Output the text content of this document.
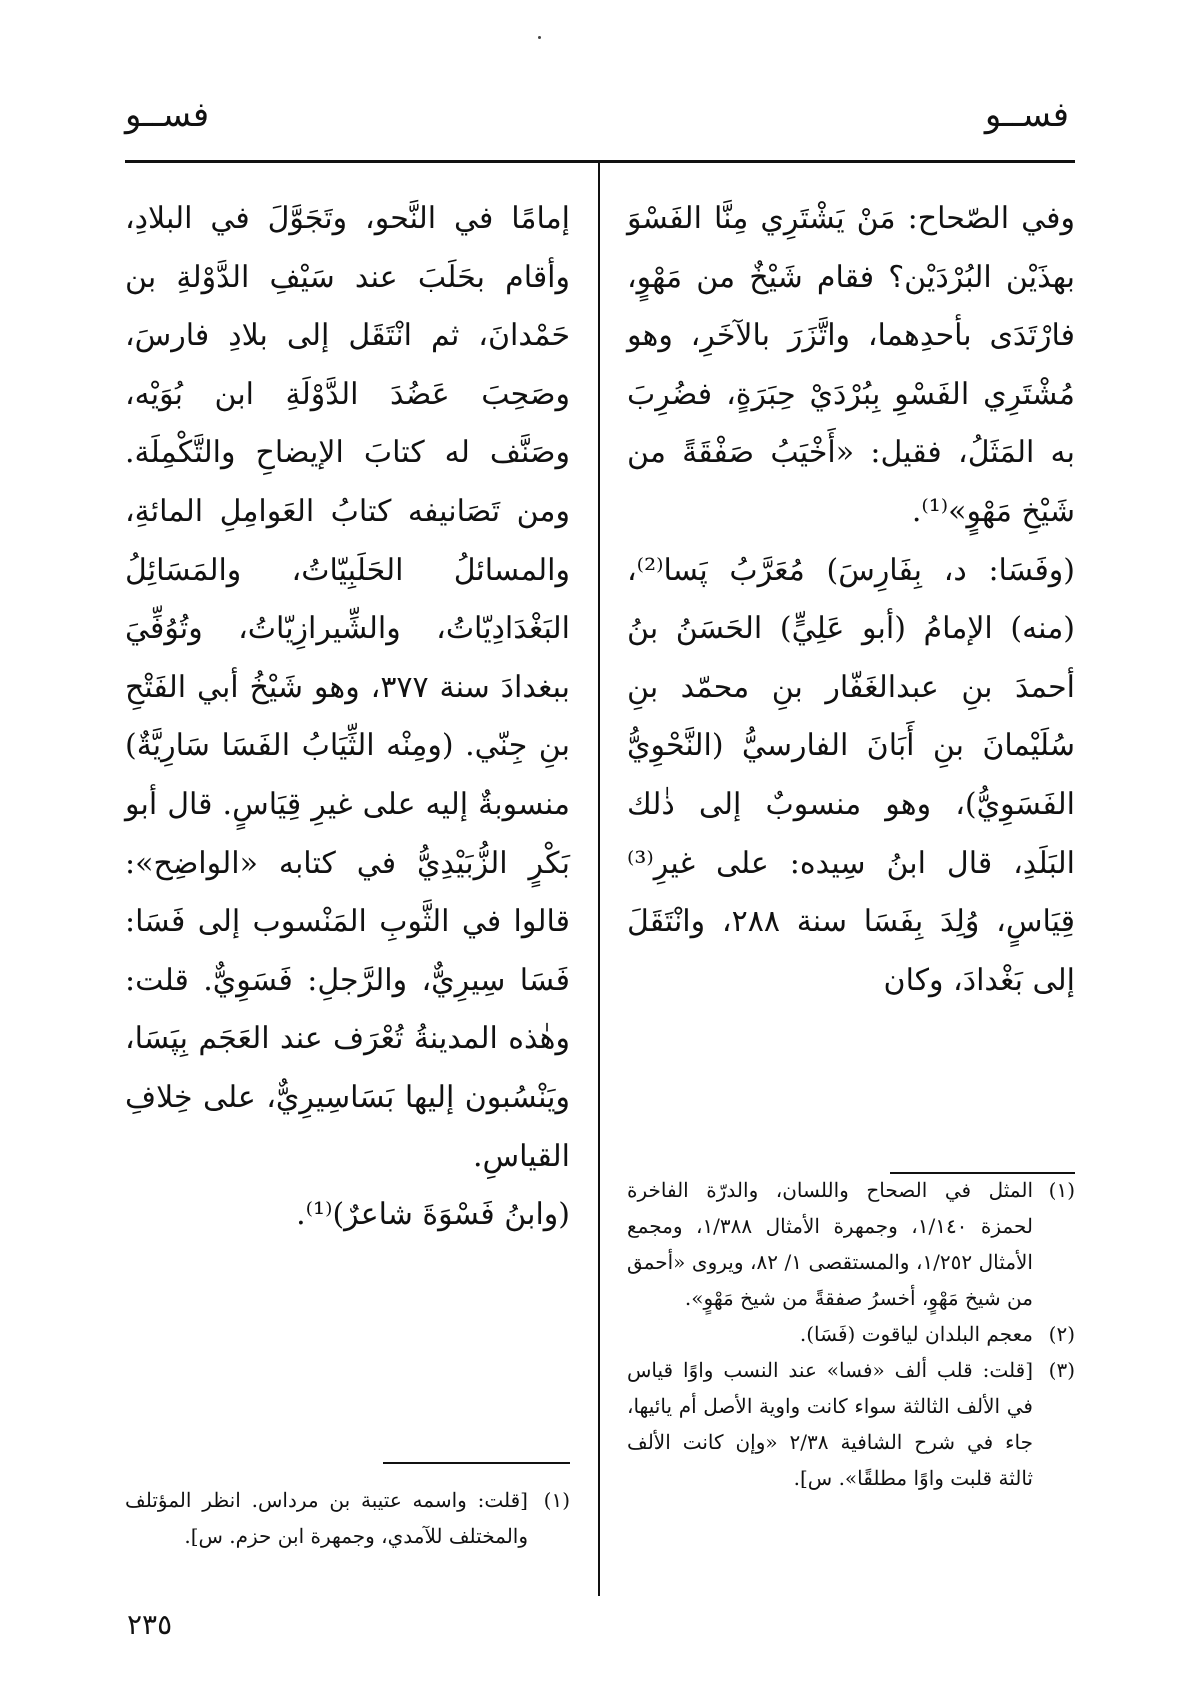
فســو
فســو

وفي الصّحاح: مَنْ يَشْتَرِي مِنَّا الفَسْوَ بهذَيْن البُرْدَيْن؟ فقام شَيْخٌ من مَهْوٍ، فارْتَدَى بأحدِهما، واتَّزَرَ بالآخَرِ، وهو مُشْتَرِي الفَسْوِ بِبُرْدَيْ حِبَرَةٍ، فضُرِبَ به المَثَلُ، فقيل: «أَخْيَبُ صَفْقَةً من شَيْخِ مَهْوٍ»⁽¹⁾.

(وفَسَا: د، بِفَارِسَ) مُعَرَّبُ پَسا⁽²⁾، (منه) الإمامُ (أبو عَلِيٍّ) الحَسَنُ بنُ أحمدَ بنِ عبدالغَفّار بنِ محمّد بنِ سُلَيْمانَ بنِ أَبَانَ الفارسيُّ (النَّحْوِيُّ الفَسَوِيُّ)، وهو منسوبٌ إلى ذٰلك البَلَدِ، قال ابنُ سِيده: على غيرِ⁽³⁾ قِيَاسٍ، وُلِدَ بِفَسَا سنة ٢٨٨، وانْتَقَلَ إلى بَغْدادَ، وكان

إمامًا في النَّحو، وتَجَوَّلَ في البلادِ، وأقام بحَلَبَ عند سَيْفِ الدَّوْلةِ بن حَمْدانَ، ثم انْتَقَل إلى بلادِ فارسَ، وصَحِبَ عَضُدَ الدَّوْلَةِ ابن بُوَيْه، وصَنَّف له كتابَ الإيضاحِ والتَّكْمِلَة. ومن تَصَانيفه كتابُ العَوامِلِ المائةِ، والمسائلُ الحَلَبِيّاتُ، والمَسَائِلُ البَغْدَادِيّاتُ، والشِّيرازِيّاتُ، وتُوُفِّيَ ببغدادَ سنة ٣٧٧، وهو شَيْخُ أبي الفَتْحِ بنِ جِنّي. (ومِنْه الثِّيَابُ الفَسَا سَارِيَّةٌ) منسوبةٌ إليه على غيرِ قِيَاسٍ. قال أبو بَكْرٍ الزُّبَيْدِيُّ في كتابه «الواضِح»: قالوا في الثَّوبِ المَنْسوب إلى فَسَا: فَسَا سِيرِيٌّ، والرَّجلِ: فَسَوِيٌّ. قلت: وهٰذه المدينةُ تُعْرَف عند العَجَم بِپَسَا، ويَنْسُبون إليها بَسَاسِيرِيٌّ، على خِلافِ القياسِ.

(وابنُ فَسْوَةَ شاعرٌ)⁽¹⁾.

(١)
المثل في الصحاح واللسان، والدرّة الفاخرة لحمزة ١/١٤٠، وجمهرة الأمثال ١/٣٨٨، ومجمع الأمثال ١/٢٥٢، والمستقصى ١/ ٨٢، ويروى «أحمق من شيخ مَهْوٍ، أخسرُ صفقةً من شيخ مَهْوٍ».
(٢)
معجم البلدان لياقوت (فَسَا).
(٣)
[قلت: قلب ألف «فسا» عند النسب واوًا قياس في الألف الثالثة سواء كانت واوية الأصل أم يائيها، جاء في شرح الشافية ٢/٣٨ «وإن كانت الألف ثالثة قلبت واوًا مطلقًا». س].
(١)
[قلت: واسمه عتيبة بن مرداس. انظر المؤتلف والمختلف للآمدي، وجمهرة ابن حزم. س].
٢٣٥
